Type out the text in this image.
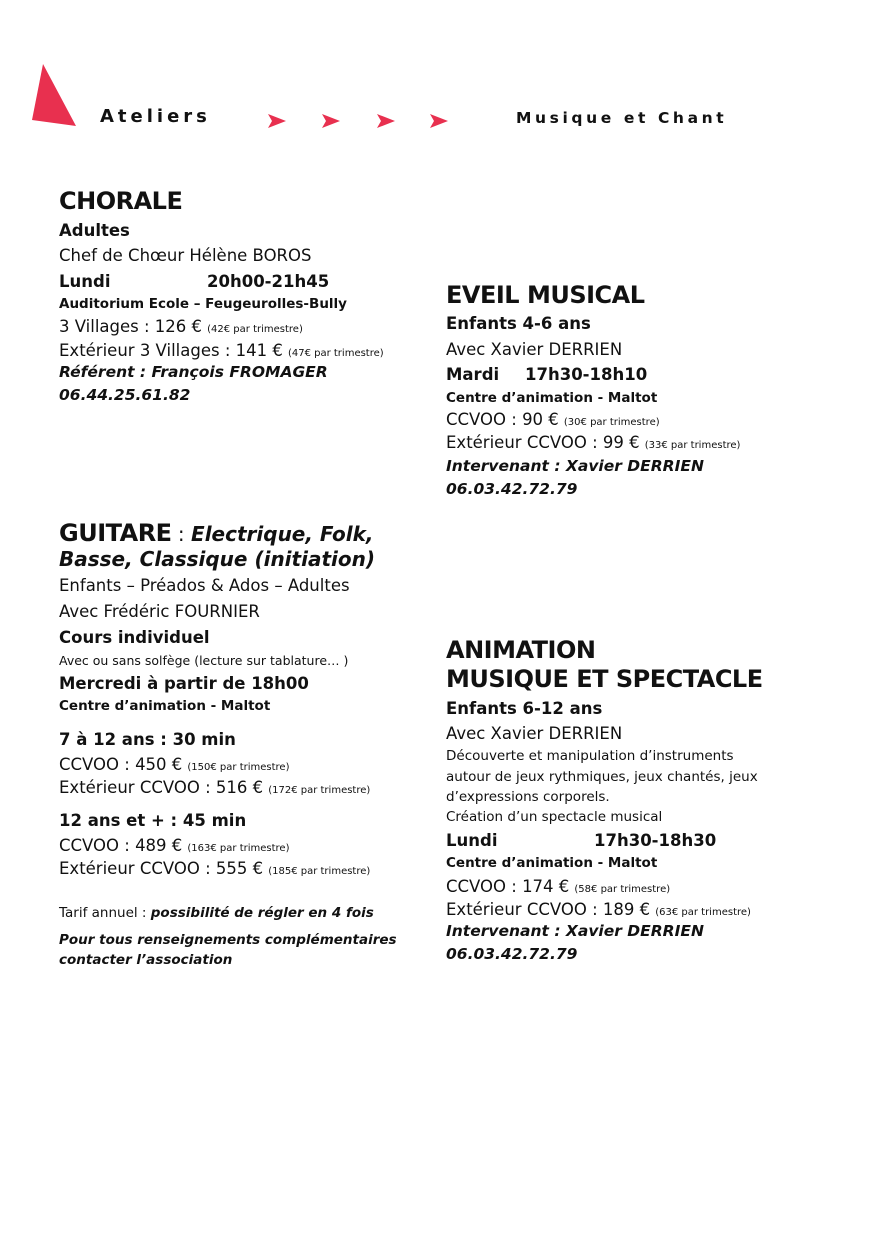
Ateliers	Musique et Chant
CHORALE
Adultes
Chef de Chœur Hélène BOROS
Lundi	20h00-21h45
Auditorium Ecole – Feugeurolles-Bully
3 Villages : 126 € (42€ par trimestre)
Extérieur 3 Villages : 141 € (47€ par trimestre)
Référent : François FROMAGER
06.44.25.61.82
EVEIL MUSICAL
Enfants 4-6 ans
Avec Xavier DERRIEN
Mardi 17h30-18h10
Centre d’animation - Maltot
CCVOO : 90 € (30€ par trimestre)
Extérieur CCVOO : 99 € (33€ par trimestre)
Intervenant : Xavier DERRIEN
06.03.42.72.79
GUITARE : Electrique, Folk,
Basse, Classique (initiation)
Enfants – Préados & Ados – Adultes
Avec Frédéric FOURNIER
Cours individuel
Avec ou sans solfège (lecture sur tablature… )
Mercredi à partir de 18h00
Centre d’animation - Maltot
7 à 12 ans : 30 min
CCVOO : 450 € (150€ par trimestre)
Extérieur CCVOO : 516 € (172€ par trimestre)
12 ans et + : 45 min
CCVOO : 489 € (163€ par trimestre)
Extérieur CCVOO : 555 € (185€ par trimestre)
Tarif annuel : possibilité de régler en 4 fois
Pour tous renseignements complémentaires
contacter l’association
ANIMATION
MUSIQUE ET SPECTACLE
Enfants 6-12 ans
Avec Xavier DERRIEN
Découverte et manipulation d’instruments
autour de jeux rythmiques, jeux chantés, jeux
d’expressions corporels.
Création d’un spectacle musical
Lundi	17h30-18h30
Centre d’animation - Maltot
CCVOO : 174 € (58€ par trimestre)
Extérieur CCVOO : 189 € (63€ par trimestre)
Intervenant : Xavier DERRIEN
06.03.42.72.79
